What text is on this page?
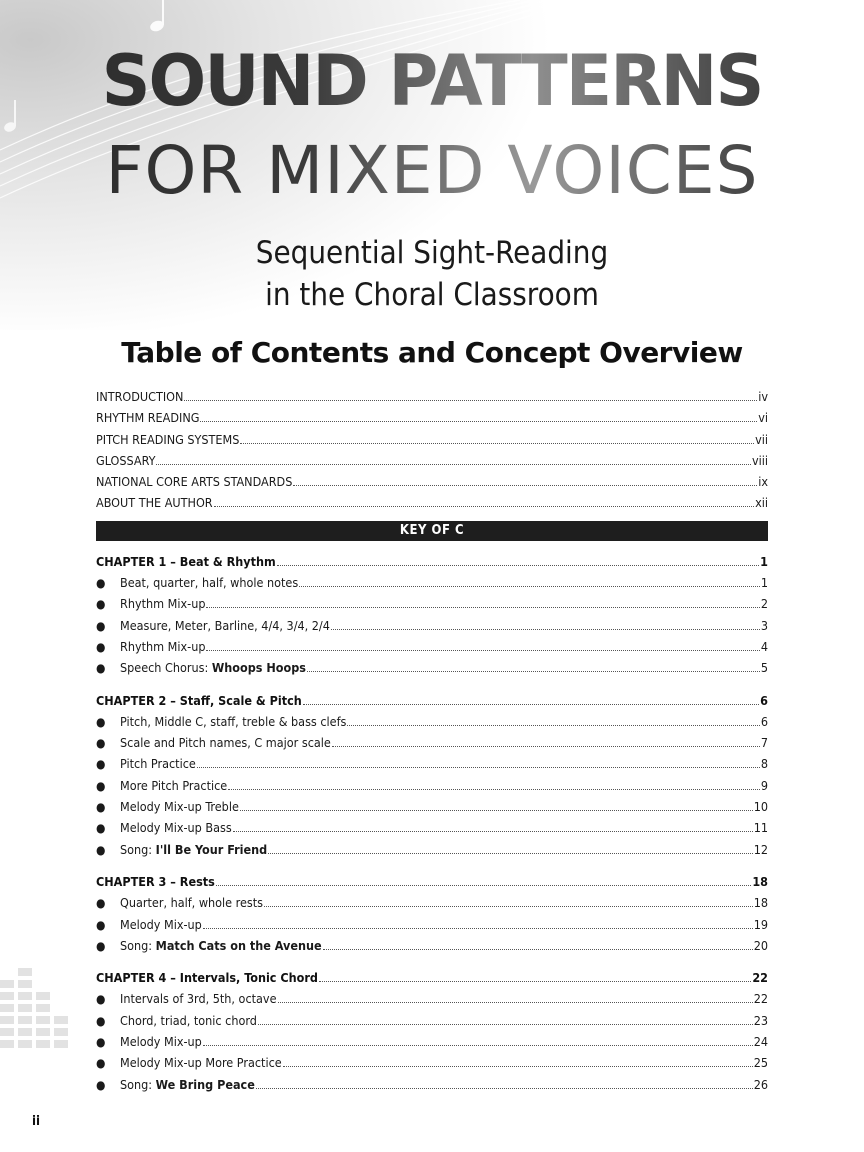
SOUND PATTERNS
FOR MIXED VOICES
Sequential Sight-Reading
in the Choral Classroom
Table of Contents and Concept Overview
INTRODUCTION	iv
RHYTHM READING	vi
PITCH READING SYSTEMS	vii
GLOSSARY	viii
NATIONAL CORE ARTS STANDARDS	ix
ABOUT THE AUTHOR	xii
KEY OF C
CHAPTER 1 – Beat & Rhythm	1
●	Beat, quarter, half, whole notes	1
●	Rhythm Mix-up	2
●	Measure, Meter, Barline, 4/4, 3/4, 2/4	3
●	Rhythm Mix-up	4
●	Speech Chorus: Whoops Hoops	5
CHAPTER 2 – Staff, Scale & Pitch	6
●	Pitch, Middle C, staff, treble & bass clefs	6
●	Scale and Pitch names, C major scale	7
●	Pitch Practice	8
●	More Pitch Practice	9
●	Melody Mix-up Treble	10
●	Melody Mix-up Bass	11
●	Song: I'll Be Your Friend	12
CHAPTER 3 – Rests	18
●	Quarter, half, whole rests	18
●	Melody Mix-up	19
●	Song: Match Cats on the Avenue	20
CHAPTER 4 – Intervals, Tonic Chord	22
●	Intervals of 3rd, 5th, octave	22
●	Chord, triad, tonic chord	23
●	Melody Mix-up	24
●	Melody Mix-up More Practice	25
●	Song: We Bring Peace	26
ii
